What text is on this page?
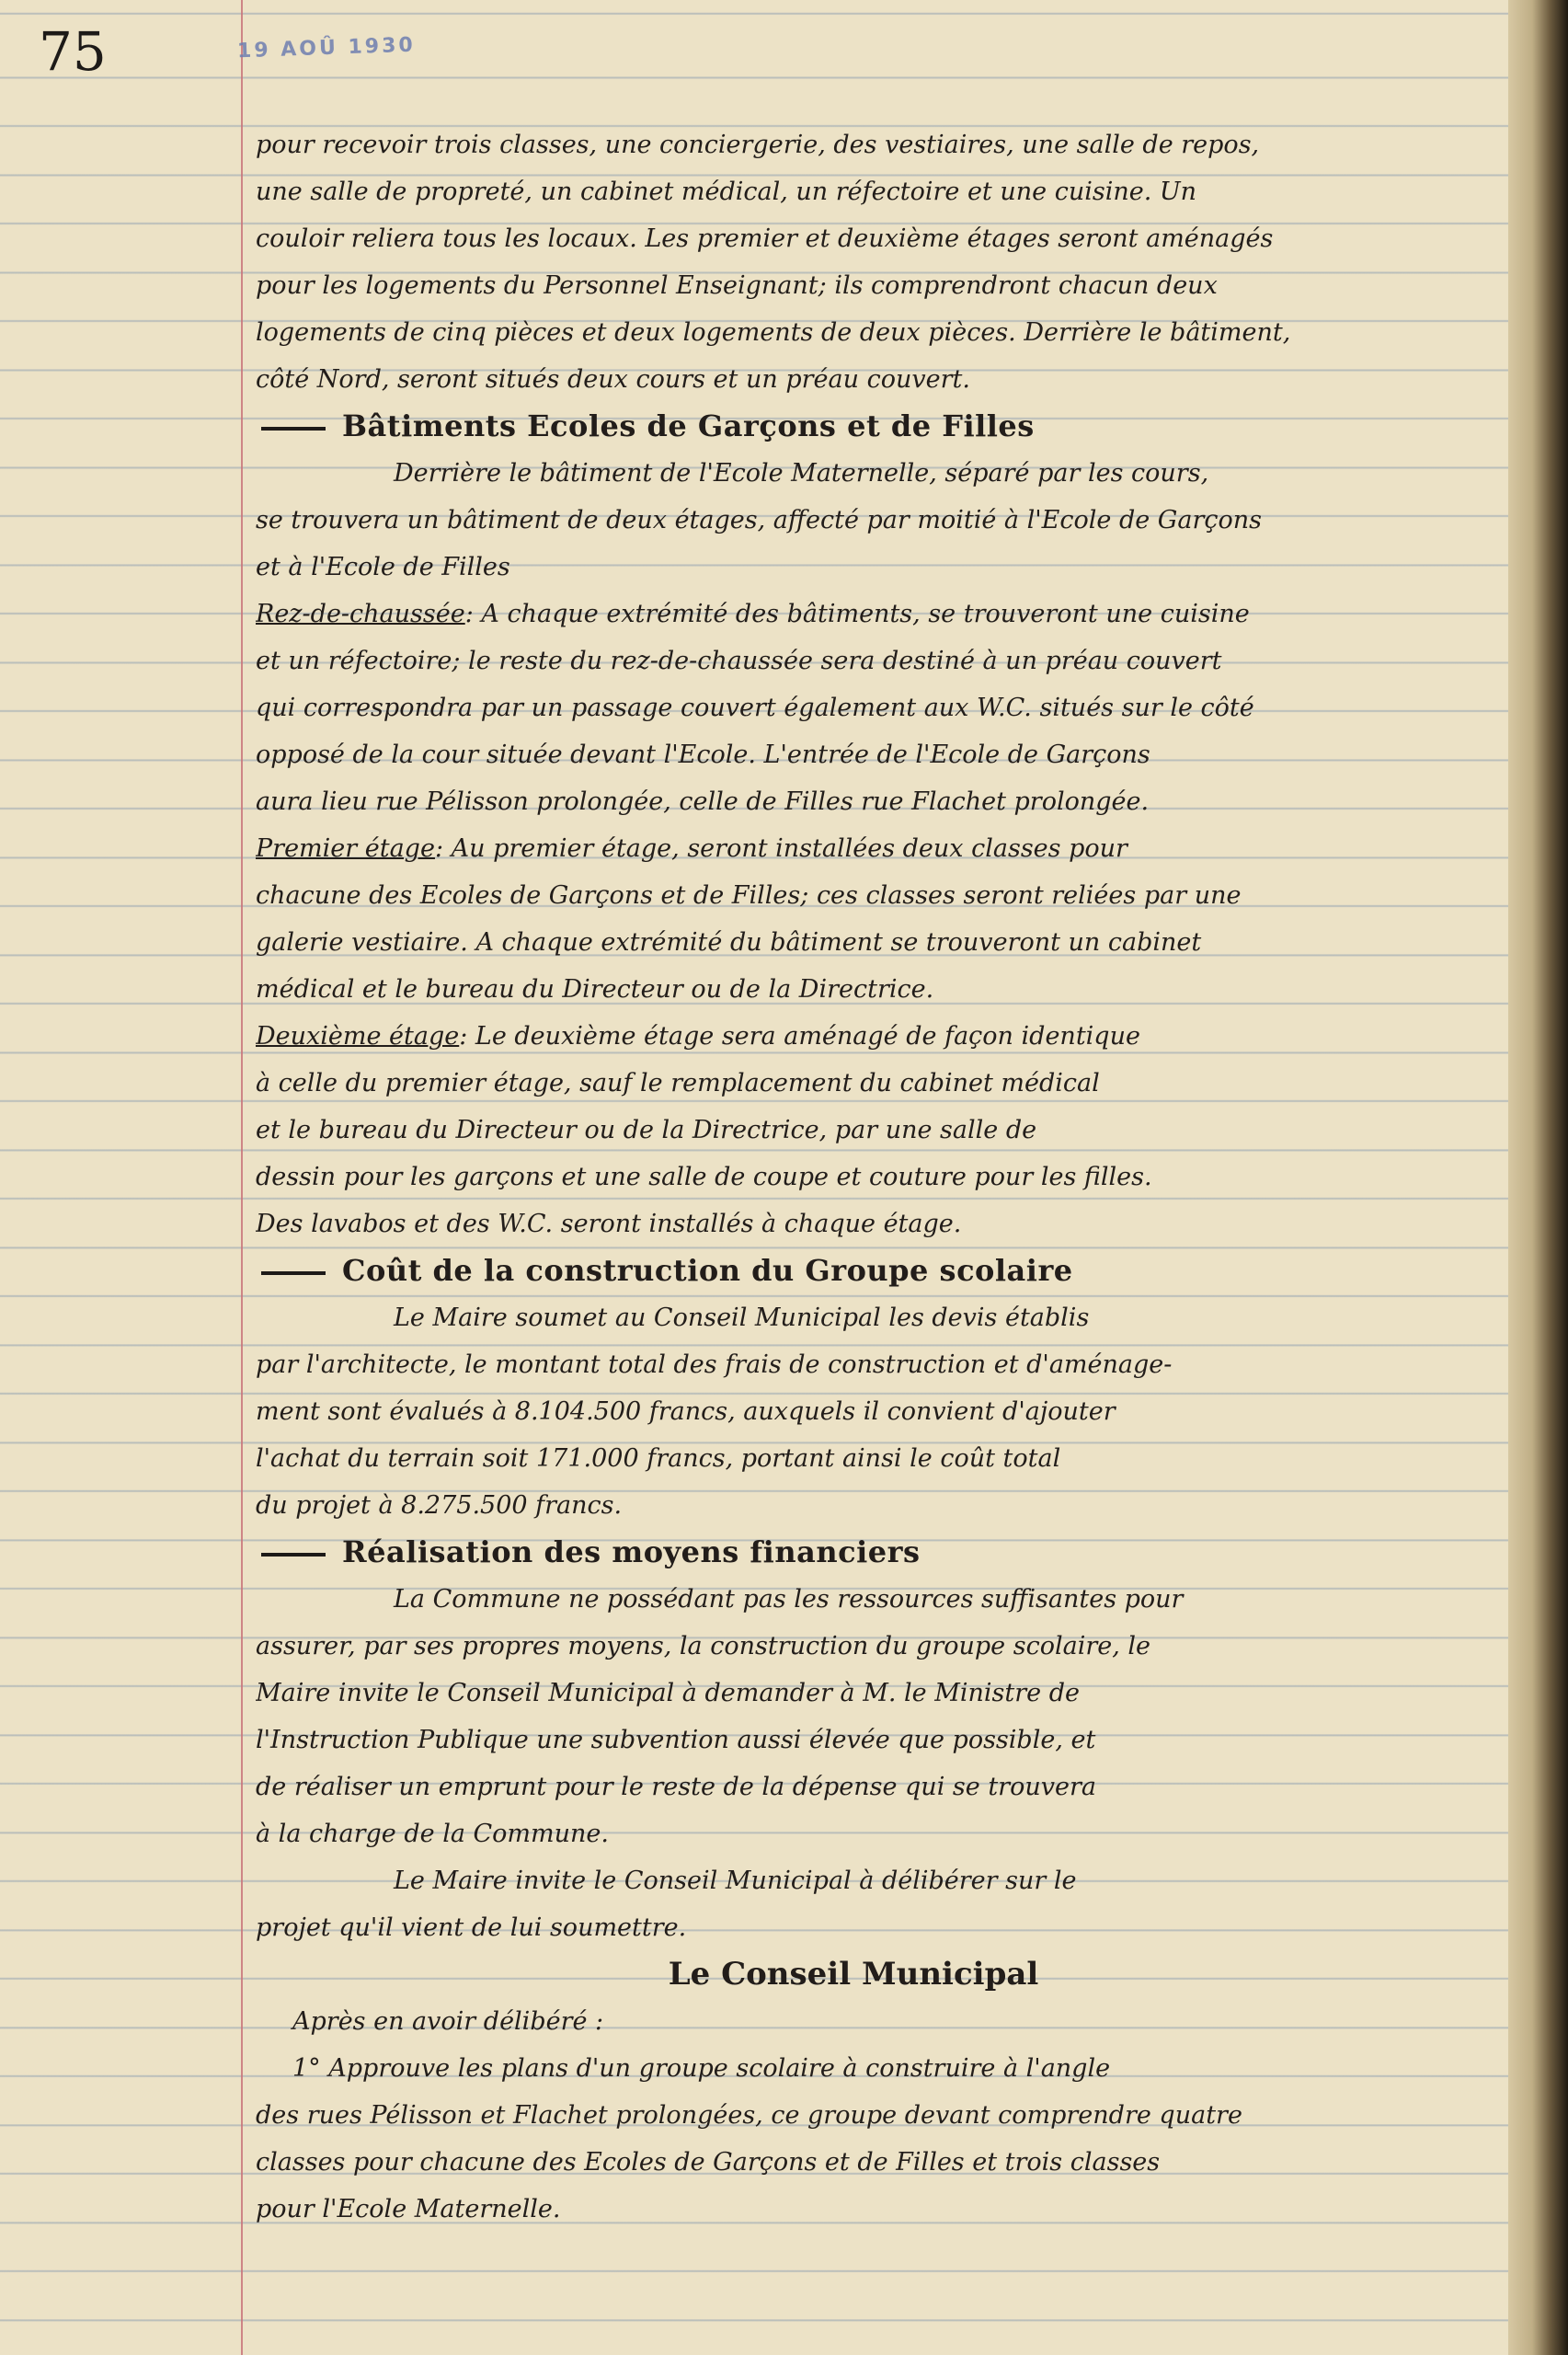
75	19 AOÛ 1930
pour recevoir trois classes, une conciergerie, des vestiaires, une salle de repos,
une salle de propreté, un cabinet médical, un réfectoire et une cuisine. Un
couloir reliera tous les locaux. Les premier et deuxième étages seront aménagés
pour les logements du Personnel Enseignant; ils comprendront chacun deux
logements de cinq pièces et deux logements de deux pièces. Derrière le bâtiment,
côté Nord, seront situés deux cours et un préau couvert.
Bâtiments Ecoles de Garçons et de Filles
Derrière le bâtiment de l'Ecole Maternelle, séparé par les cours,
se trouvera un bâtiment de deux étages, affecté par moitié à l'Ecole de Garçons
et à l'Ecole de Filles
Rez-de-chaussée: A chaque extrémité des bâtiments, se trouveront une cuisine
et un réfectoire; le reste du rez-de-chaussée sera destiné à un préau couvert
qui correspondra par un passage couvert également aux W.C. situés sur le côté
opposé de la cour située devant l'Ecole. L'entrée de l'Ecole de Garçons
aura lieu rue Pélisson prolongée, celle de Filles rue Flachet prolongée.
Premier étage: Au premier étage, seront installées deux classes pour
chacune des Ecoles de Garçons et de Filles; ces classes seront reliées par une
galerie vestiaire. A chaque extrémité du bâtiment se trouveront un cabinet
médical et le bureau du Directeur ou de la Directrice.
Deuxième étage: Le deuxième étage sera aménagé de façon identique
à celle du premier étage, sauf le remplacement du cabinet médical
et le bureau du Directeur ou de la Directrice, par une salle de
dessin pour les garçons et une salle de coupe et couture pour les filles.
Des lavabos et des W.C. seront installés à chaque étage.
Coût de la construction du Groupe scolaire
Le Maire soumet au Conseil Municipal les devis établis
par l'architecte, le montant total des frais de construction et d'aménage-
ment sont évalués à 8.104.500 francs, auxquels il convient d'ajouter
l'achat du terrain soit 171.000 francs, portant ainsi le coût total
du projet à 8.275.500 francs.
Réalisation des moyens financiers
La Commune ne possédant pas les ressources suffisantes pour
assurer, par ses propres moyens, la construction du groupe scolaire, le
Maire invite le Conseil Municipal à demander à M. le Ministre de
l'Instruction Publique une subvention aussi élevée que possible, et
de réaliser un emprunt pour le reste de la dépense qui se trouvera
à la charge de la Commune.
Le Maire invite le Conseil Municipal à délibérer sur le
projet qu'il vient de lui soumettre.
Le Conseil Municipal
Après en avoir délibéré :
1° Approuve les plans d'un groupe scolaire à construire à l'angle
des rues Pélisson et Flachet prolongées, ce groupe devant comprendre quatre
classes pour chacune des Ecoles de Garçons et de Filles et trois classes
pour l'Ecole Maternelle.
